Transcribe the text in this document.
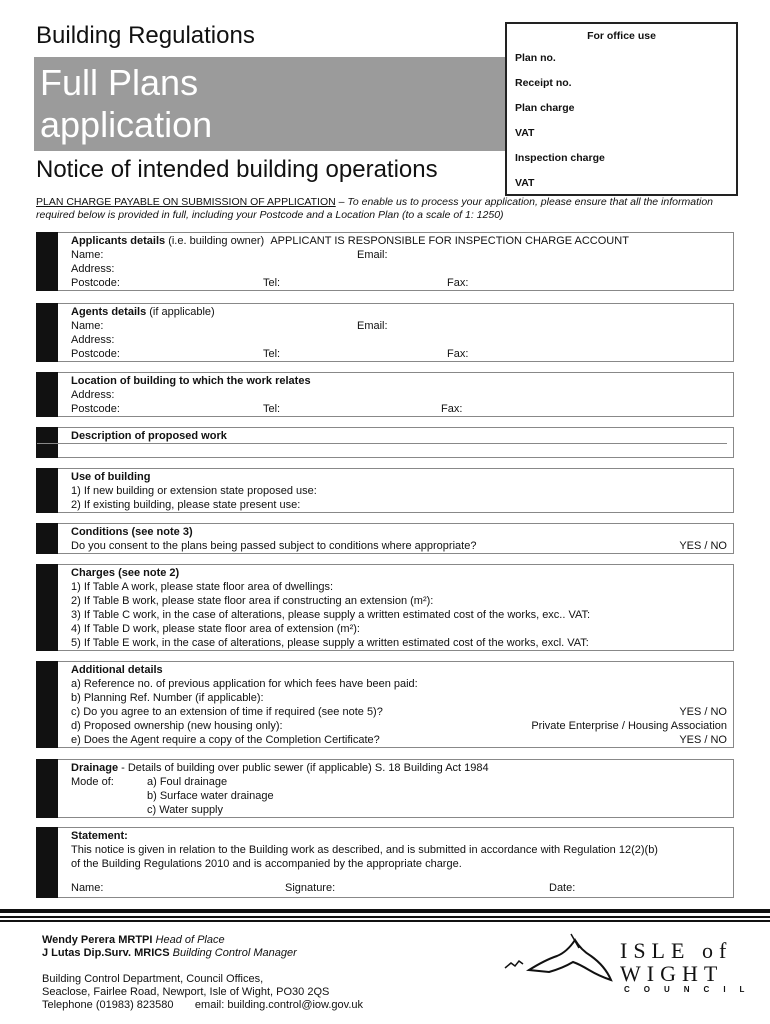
Building Regulations
Full Plans
application
Notice of intended building operations
For office use
Plan no.
Receipt no.
Plan charge
VAT
Inspection charge
VAT
PLAN CHARGE PAYABLE ON SUBMISSION OF APPLICATION – To enable us to process your application, please ensure that all the information required below is provided in full, including your Postcode and a Location Plan (to a scale of 1: 1250)
Applicants details (i.e. building owner) APPLICANT IS RESPONSIBLE FOR INSPECTION CHARGE ACCOUNT
Name:	Email:
Address:
Postcode:	Tel:	Fax:
Agents details (if applicable)
Name:	Email:
Address:
Postcode:	Tel:	Fax:
Location of building to which the work relates
Address:
Postcode:	Tel:	Fax:
Description of proposed work
Use of building
1) If new building or extension state proposed use:
2) If existing building, please state present use:
Conditions (see note 3)
Do you consent to the plans being passed subject to conditions where appropriate?	YES / NO
Charges (see note 2)
1) If Table A work, please state floor area of dwellings:
2) If Table B work, please state floor area if constructing an extension (m²):
3) If Table C work, in the case of alterations, please supply a written estimated cost of the works, exc.. VAT:
4) If Table D work, please state floor area of extension (m²):
5) If Table E work, in the case of alterations, please supply a written estimated cost of the works, excl. VAT:
Additional details
a) Reference no. of previous application for which fees have been paid:
b) Planning Ref. Number (if applicable):
c) Do you agree to an extension of time if required (see note 5)?	YES / NO
d) Proposed ownership (new housing only):	Private Enterprise / Housing Association
e) Does the Agent require a copy of the Completion Certificate?	YES / NO
Drainage - Details of building over public sewer (if applicable) S. 18 Building Act 1984
Mode of:	a) Foul drainage
b) Surface water drainage
c) Water supply
Statement:
This notice is given in relation to the Building work as described, and is submitted in accordance with Regulation 12(2)(b)
of the Building Regulations 2010 and is accompanied by the appropriate charge.
Name:	Signature:	Date:
Wendy Perera MRTPI Head of Place
J Lutas Dip.Surv. MRICS Building Control Manager
Building Control Department, Council Offices,
Seaclose, Fairlee Road, Newport, Isle of Wight, PO30 2QS
Telephone (01983) 823580 email: building.control@iow.gov.uk
ISLE of
WIGHT
COUNCIL
